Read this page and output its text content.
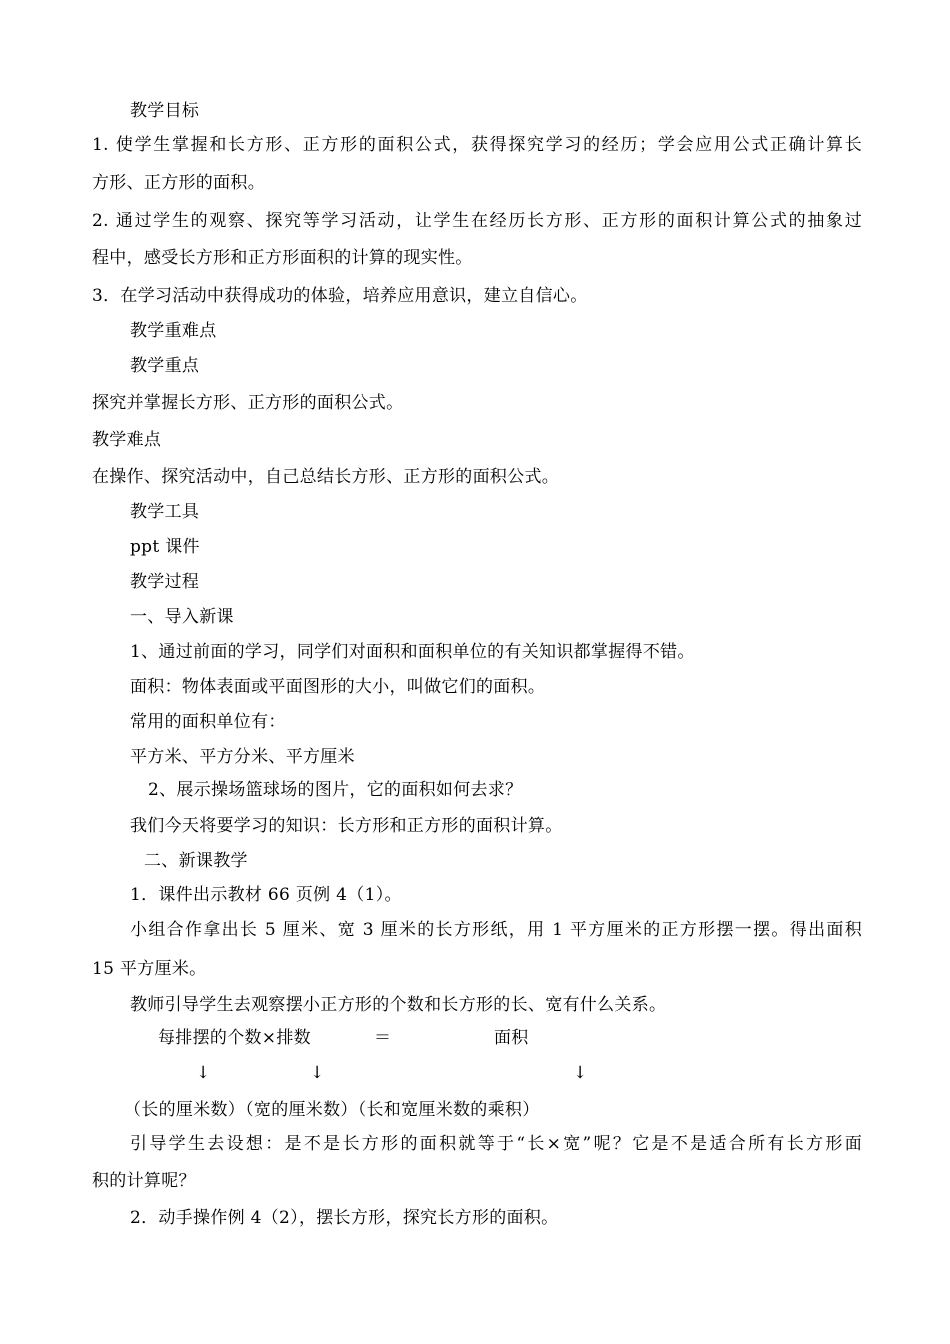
教学目标
1. 使学生掌握和长方形、正方形的面积公式，获得探究学习的经历；学会应用公式正确计算长
方形、正方形的面积。
2. 通过学生的观察、探究等学习活动，让学生在经历长方形、正方形的面积计算公式的抽象过
程中，感受长方形和正方形面积的计算的现实性。
3．在学习活动中获得成功的体验，培养应用意识，建立自信心。
教学重难点
教学重点
探究并掌握长方形、正方形的面积公式。
教学难点
在操作、探究活动中，自己总结长方形、正方形的面积公式。
教学工具
ppt 课件
教学过程
一、导入新课
1、通过前面的学习，同学们对面积和面积单位的有关知识都掌握得不错。
面积：物体表面或平面图形的大小，叫做它们的面积。
常用的面积单位有：
平方米、平方分米、平方厘米
2、展示操场篮球场的图片，它的面积如何去求？
我们今天将要学习的知识：长方形和正方形的面积计算。
二、新课教学
1．课件出示教材 66 页例 4（1）。
小组合作拿出长 5 厘米、宽 3 厘米的长方形纸，用 1 平方厘米的正方形摆一摆。得出面积
15 平方厘米。
教师引导学生去观察摆小正方形的个数和长方形的长、宽有什么关系。
每排摆的个数×排数	＝	面积
↓	↓	↓
（长的厘米数）（宽的厘米数）（长和宽厘米数的乘积）
引导学生去设想：是不是长方形的面积就等于“长×宽”呢？它是不是适合所有长方形面
积的计算呢？
2．动手操作例 4（2），摆长方形，探究长方形的面积。
